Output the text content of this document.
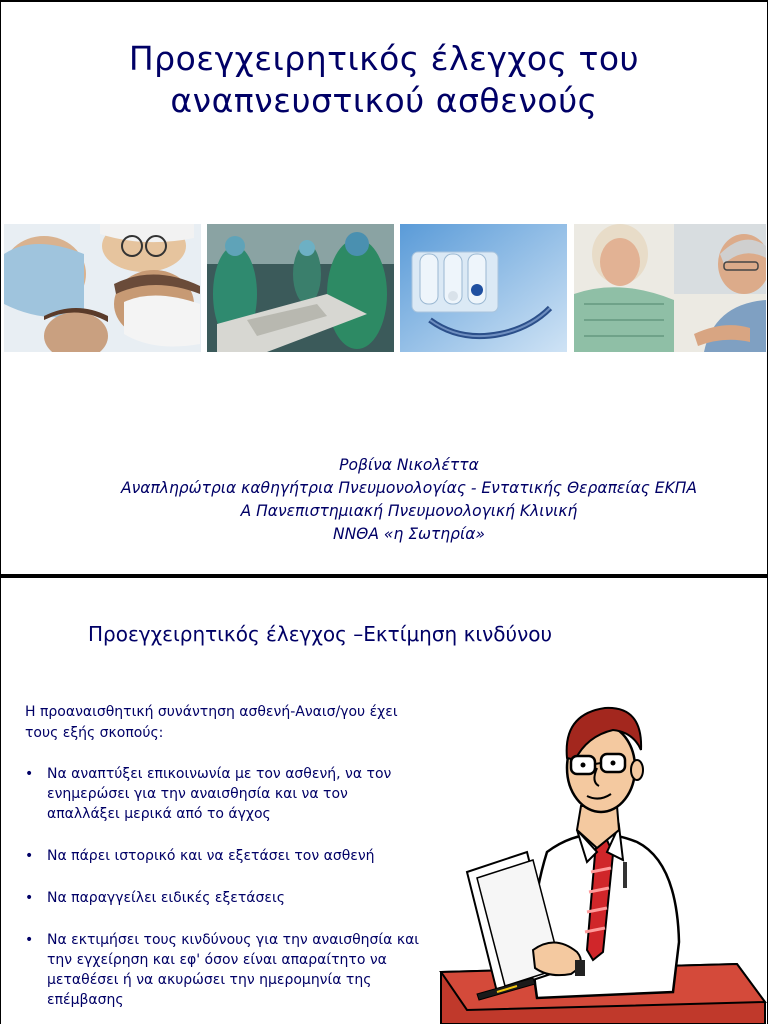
Προεγχειρητικός έλεγχος του
αναπνευστικού ασθενούς
Ροβίνα Νικολέττα
Αναπληρώτρια καθηγήτρια Πνευμονολογίας - Εντατικής Θεραπείας ΕΚΠΑ
Α Πανεπιστημιακή Πνευμονολογική Κλινική
ΝΝΘΑ «η Σωτηρία»
Προεγχειρητικός έλεγχος –Εκτίμηση κινδύνου
Η προαναισθητική συνάντηση ασθενή-Αναισ/γου έχει τους εξής σκοπούς:
• Να αναπτύξει επικοινωνία με τον ασθενή, να τον ενημερώσει για την αναισθησία και να τον απαλλάξει μερικά από το άγχος
• Να πάρει ιστορικό και να εξετάσει τον ασθενή
• Να παραγγείλει ειδικές εξετάσεις
• Να εκτιμήσει τους κινδύνους για την αναισθησία και την εγχείρηση και εφ' όσον είναι απαραίτητο να μεταθέσει ή να ακυρώσει την ημερομηνία της επέμβασης
